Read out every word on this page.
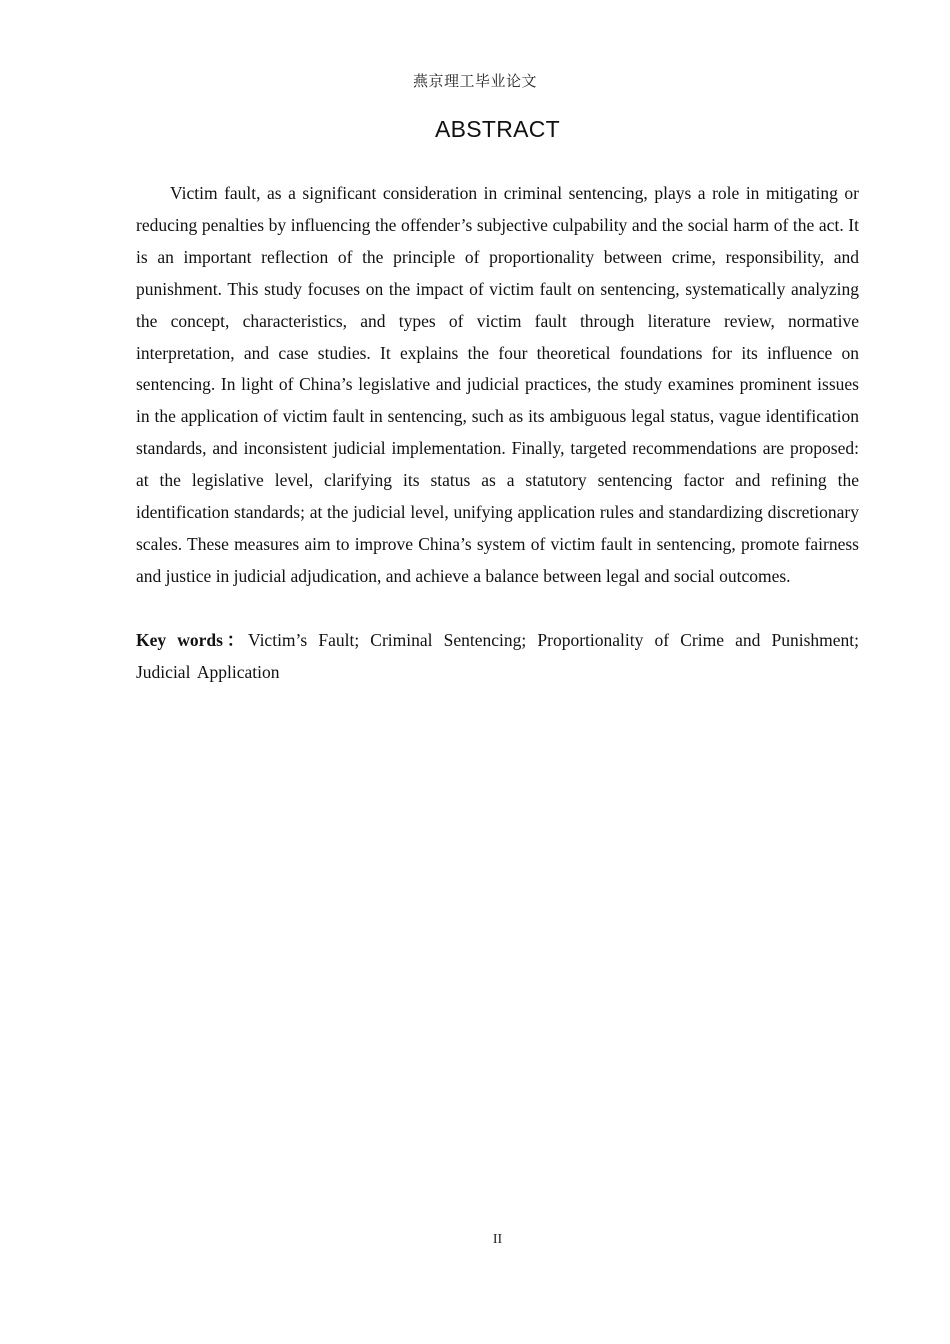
燕京理工毕业论文
ABSTRACT

Victim fault, as a significant consideration in criminal sentencing, plays a role in mitigating or reducing penalties by influencing the offender’s subjective culpability and the social harm of the act. It is an important reflection of the principle of proportionality between crime, responsibility, and punishment. This study focuses on the impact of victim fault on sentencing, systematically analyzing the concept, characteristics, and types of victim fault through literature review, normative interpretation, and case studies. It explains the four theoretical foundations for its influence on sentencing. In light of China’s legislative and judicial practices, the study examines prominent issues in the application of victim fault in sentencing, such as its ambiguous legal status, vague identification standards, and inconsistent judicial implementation. Finally, targeted recommendations are proposed: at the legislative level, clarifying its status as a statutory sentencing factor and refining the identification standards; at the judicial level, unifying application rules and standardizing discretionary scales. These measures aim to improve China’s system of victim fault in sentencing, promote fairness and justice in judicial adjudication, and achieve a balance between legal and social outcomes.

Key words：Victim’s Fault; Criminal Sentencing; Proportionality of Crime and Punishment; Judicial Application

II
